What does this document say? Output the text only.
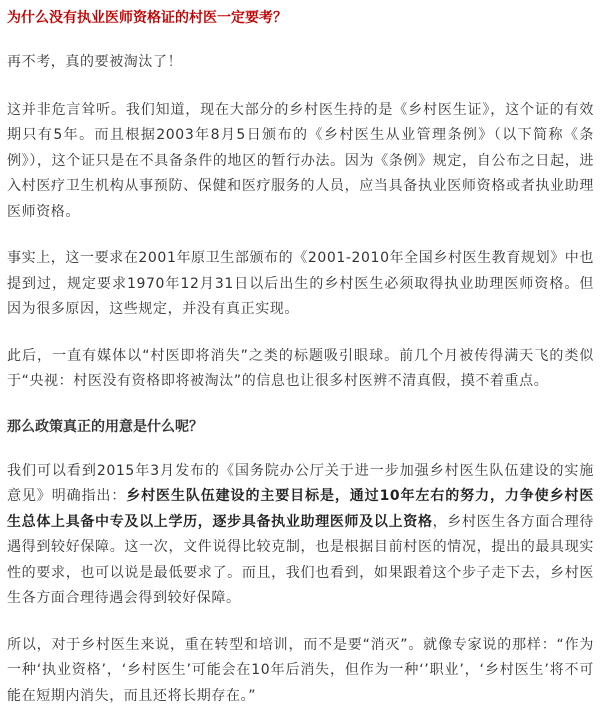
为什么没有执业医师资格证的村医一定要考？

再不考，真的要被淘汰了！

这并非危言耸听。我们知道，现在大部分的乡村医生持的是《乡村医生证》，这个证的有效期只有5年。而且根据2003年8月5日颁布的《乡村医生从业管理条例》（以下简称《条例》），这个证只是在不具备条件的地区的暂行办法。因为《条例》规定，自公布之日起，进入村医疗卫生机构从事预防、保健和医疗服务的人员，应当具备执业医师资格或者执业助理医师资格。

事实上，这一要求在2001年原卫生部颁布的《2001-2010年全国乡村医生教育规划》中也提到过，规定要求1970年12月31日以后出生的乡村医生必须取得执业助理医师资格。但因为很多原因，这些规定，并没有真正实现。

此后，一直有媒体以“村医即将消失”之类的标题吸引眼球。前几个月被传得满天飞的类似于“央视：村医没有资格即将被淘汰”的信息也让很多村医辨不清真假，摸不着重点。

那么政策真正的用意是什么呢？

我们可以看到2015年3月发布的《国务院办公厅关于进一步加强乡村医生队伍建设的实施意见》明确指出：乡村医生队伍建设的主要目标是，通过10年左右的努力，力争使乡村医生总体上具备中专及以上学历，逐步具备执业助理医师及以上资格，乡村医生各方面合理待遇得到较好保障。这一次，文件说得比较克制，也是根据目前村医的情况，提出的最具现实性的要求，也可以说是最低要求了。而且，我们也看到，如果跟着这个步子走下去，乡村医生各方面合理待遇会得到较好保障。

所以，对于乡村医生来说，重在转型和培训，而不是要“消灭”。就像专家说的那样：“作为一种‘执业资格’，‘乡村医生’可能会在10年后消失，但作为一种‘’职业’，‘乡村医生’将不可能在短期内消失，而且还将长期存在。”
